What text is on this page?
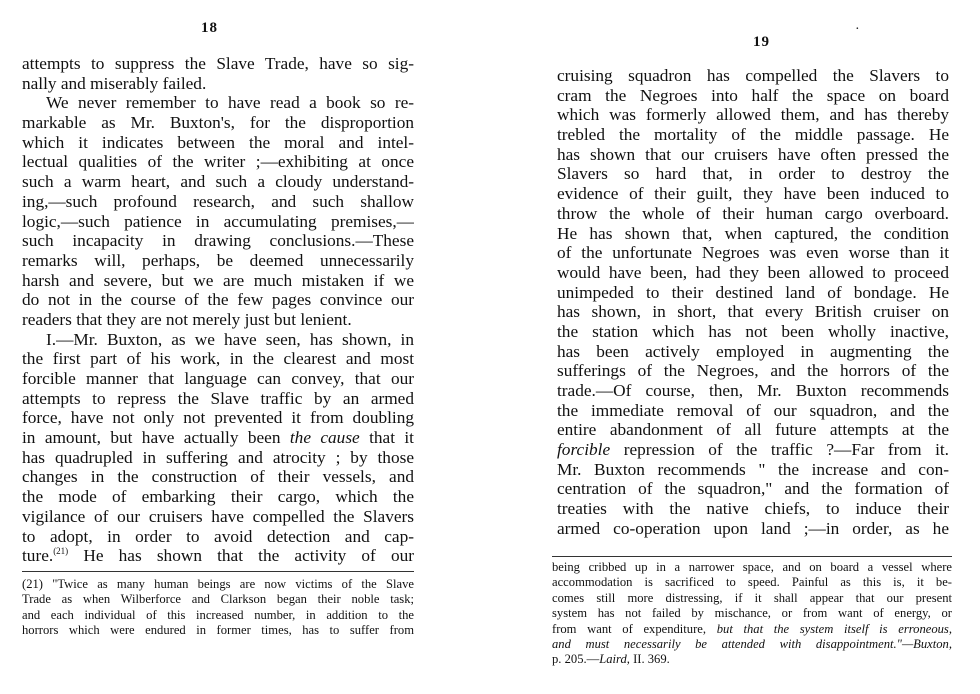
18
attempts to suppress the Slave Trade, have so sig-
nally and miserably failed.
We never remember to have read a book so re-
markable as Mr. Buxton's, for the disproportion
which it indicates between the moral and intel-
lectual qualities of the writer ;—exhibiting at once
such a warm heart, and such a cloudy understand-
ing,—such profound research, and such shallow
logic,—such patience in accumulating premises,—
such incapacity in drawing conclusions.—These
remarks will, perhaps, be deemed unnecessarily
harsh and severe, but we are much mistaken if we
do not in the course of the few pages convince our
readers that they are not merely just but lenient.
I.—Mr. Buxton, as we have seen, has shown, in
the first part of his work, in the clearest and most
forcible manner that language can convey, that our
attempts to repress the Slave traffic by an armed
force, have not only not prevented it from doubling
in amount, but have actually been the cause that it
has quadrupled in suffering and atrocity ; by those
changes in the construction of their vessels, and
the mode of embarking their cargo, which the
vigilance of our cruisers have compelled the Slavers
to adopt, in order to avoid detection and cap-
ture.$^{(21)}$ He has shown that the activity of our
(21) "Twice as many human beings are now victims of the Slave
Trade as when Wilberforce and Clarkson began their noble task;
and each individual of this increased number, in addition to the
horrors which were endured in former times, has to suffer from
19
·
cruising squadron has compelled the Slavers to
cram the Negroes into half the space on board
which was formerly allowed them, and has thereby
trebled the mortality of the middle passage. He
has shown that our cruisers have often pressed the
Slavers so hard that, in order to destroy the
evidence of their guilt, they have been induced to
throw the whole of their human cargo overboard.
He has shown that, when captured, the condition
of the unfortunate Negroes was even worse than it
would have been, had they been allowed to proceed
unimpeded to their destined land of bondage. He
has shown, in short, that every British cruiser on
the station which has not been wholly inactive,
has been actively employed in augmenting the
sufferings of the Negroes, and the horrors of the
trade.—Of course, then, Mr. Buxton recommends
the immediate removal of our squadron, and the
entire abandonment of all future attempts at the
forcible repression of the traffic ?—Far from it.
Mr. Buxton recommends " the increase and con-
centration of the squadron," and the formation of
treaties with the native chiefs, to induce their
armed co-operation upon land ;—in order, as he
being cribbed up in a narrower space, and on board a vessel where
accommodation is sacrificed to speed. Painful as this is, it be-
comes still more distressing, if it shall appear that our present
system has not failed by mischance, or from want of energy, or
from want of expenditure, but that the system itself is erroneous,
and must necessarily be attended with disappointment."—Buxton,
p. 205.—Laird, II. 369.
